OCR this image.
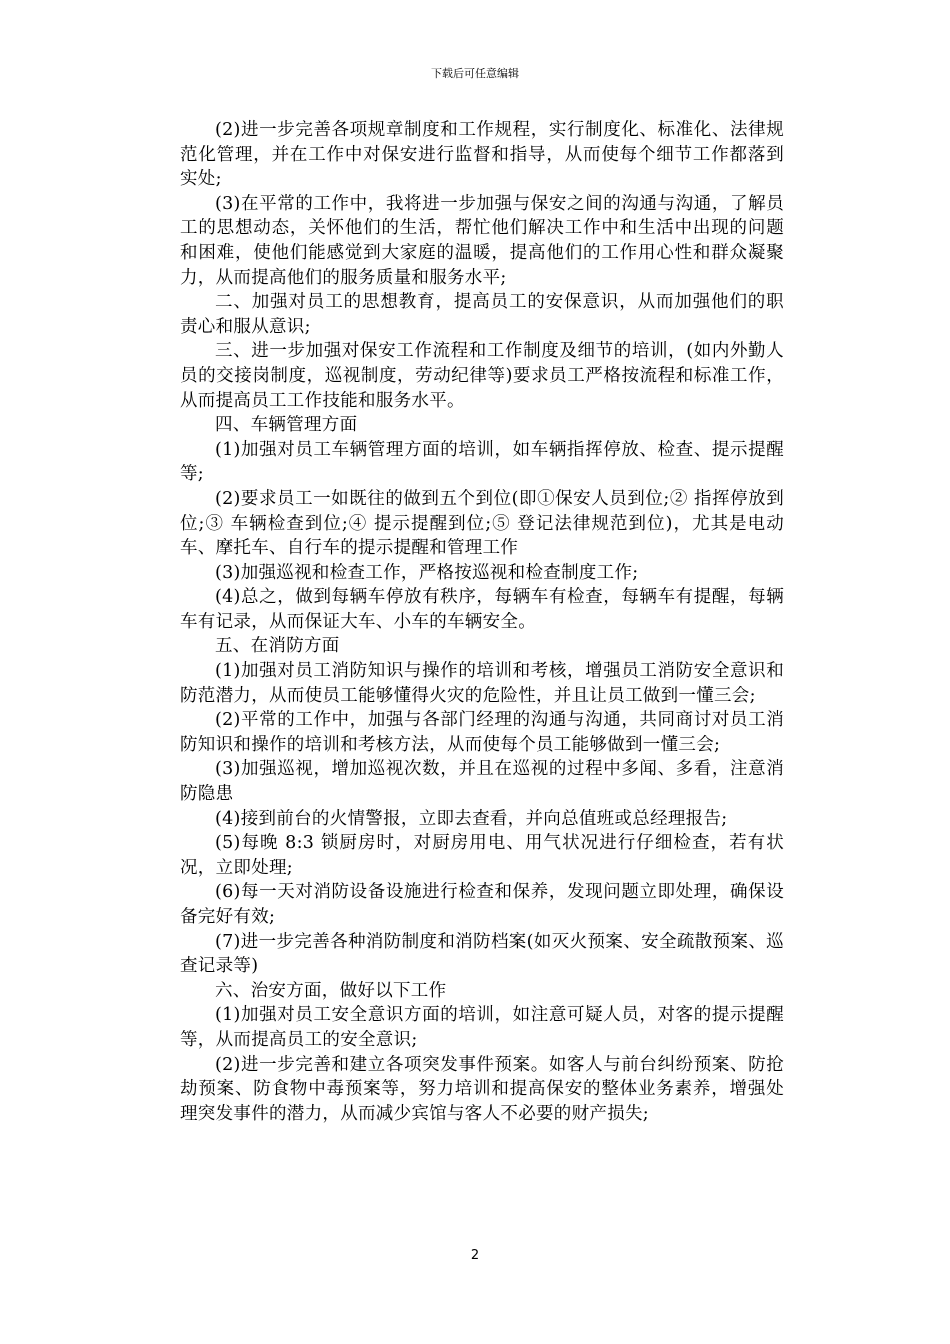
下载后可任意编辑

(2)进一步完善各项规章制度和工作规程，实行制度化、标准化、法律规范化管理，并在工作中对保安进行监督和指导，从而使每个细节工作都落到实处;

(3)在平常的工作中，我将进一步加强与保安之间的沟通与沟通，了解员工的思想动态，关怀他们的生活，帮忙他们解决工作中和生活中出现的问题和困难，使他们能感觉到大家庭的温暖，提高他们的工作用心性和群众凝聚力，从而提高他们的服务质量和服务水平;

二、加强对员工的思想教育，提高员工的安保意识，从而加强他们的职责心和服从意识;

三、进一步加强对保安工作流程和工作制度及细节的培训，(如内外勤人员的交接岗制度，巡视制度，劳动纪律等)要求员工严格按流程和标准工作，从而提高员工工作技能和服务水平。

四、车辆管理方面

(1)加强对员工车辆管理方面的培训，如车辆指挥停放、检查、提示提醒等;

(2)要求员工一如既往的做到五个到位(即①保安人员到位;② 指挥停放到位;③ 车辆检查到位;④ 提示提醒到位;⑤ 登记法律规范到位)，尤其是电动车、摩托车、自行车的提示提醒和管理工作

(3)加强巡视和检查工作，严格按巡视和检查制度工作;

(4)总之，做到每辆车停放有秩序，每辆车有检查，每辆车有提醒，每辆车有记录，从而保证大车、小车的车辆安全。

五、在消防方面

(1)加强对员工消防知识与操作的培训和考核，增强员工消防安全意识和防范潜力，从而使员工能够懂得火灾的危险性，并且让员工做到一懂三会;

(2)平常的工作中，加强与各部门经理的沟通与沟通，共同商讨对员工消防知识和操作的培训和考核方法，从而使每个员工能够做到一懂三会;

(3)加强巡视，增加巡视次数，并且在巡视的过程中多闻、多看，注意消防隐患

(4)接到前台的火情警报，立即去查看，并向总值班或总经理报告;

(5)每晚 8:3 锁厨房时，对厨房用电、用气状况进行仔细检查，若有状况，立即处理;

(6)每一天对消防设备设施进行检查和保养，发现问题立即处理，确保设备完好有效;

(7)进一步完善各种消防制度和消防档案(如灭火预案、安全疏散预案、巡查记录等)

六、治安方面，做好以下工作

(1)加强对员工安全意识方面的培训，如注意可疑人员，对客的提示提醒等，从而提高员工的安全意识;

(2)进一步完善和建立各项突发事件预案。如客人与前台纠纷预案、防抢劫预案、防食物中毒预案等，努力培训和提高保安的整体业务素养，增强处理突发事件的潜力，从而减少宾馆与客人不必要的财产损失;

2
